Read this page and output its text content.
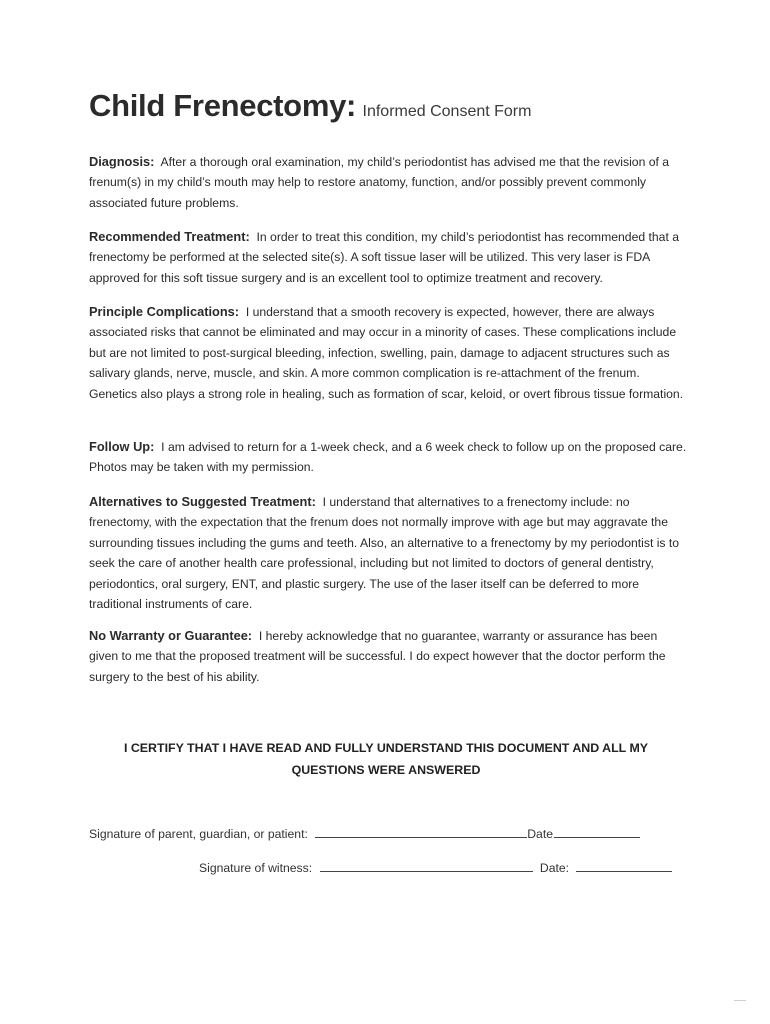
Child Frenectomy: Informed Consent Form
Diagnosis: After a thorough oral examination, my child’s periodontist has advised me that the revision of a frenum(s) in my child’s mouth may help to restore anatomy, function, and/or possibly prevent commonly associated future problems.
Recommended Treatment: In order to treat this condition, my child’s periodontist has recommended that a frenectomy be performed at the selected site(s). A soft tissue laser will be utilized. This very laser is FDA approved for this soft tissue surgery and is an excellent tool to optimize treatment and recovery.
Principle Complications: I understand that a smooth recovery is expected, however, there are always associated risks that cannot be eliminated and may occur in a minority of cases. These complications include but are not limited to post-surgical bleeding, infection, swelling, pain, damage to adjacent structures such as salivary glands, nerve, muscle, and skin. A more common complication is re-attachment of the frenum. Genetics also plays a strong role in healing, such as formation of scar, keloid, or overt fibrous tissue formation.
Follow Up: I am advised to return for a 1-week check, and a 6 week check to follow up on the proposed care. Photos may be taken with my permission.
Alternatives to Suggested Treatment: I understand that alternatives to a frenectomy include: no frenectomy, with the expectation that the frenum does not normally improve with age but may aggravate the surrounding tissues including the gums and teeth. Also, an alternative to a frenectomy by my periodontist is to seek the care of another health care professional, including but not limited to doctors of general dentistry, periodontics, oral surgery, ENT, and plastic surgery. The use of the laser itself can be deferred to more traditional instruments of care.
No Warranty or Guarantee: I hereby acknowledge that no guarantee, warranty or assurance has been given to me that the proposed treatment will be successful. I do expect however that the doctor perform the surgery to the best of his ability.
I CERTIFY THAT I HAVE READ AND FULLY UNDERSTAND THIS DOCUMENT AND ALL MY
QUESTIONS WERE ANSWERED
Signature of parent, guardian, or patient:	Date
Signature of witness:	Date:
